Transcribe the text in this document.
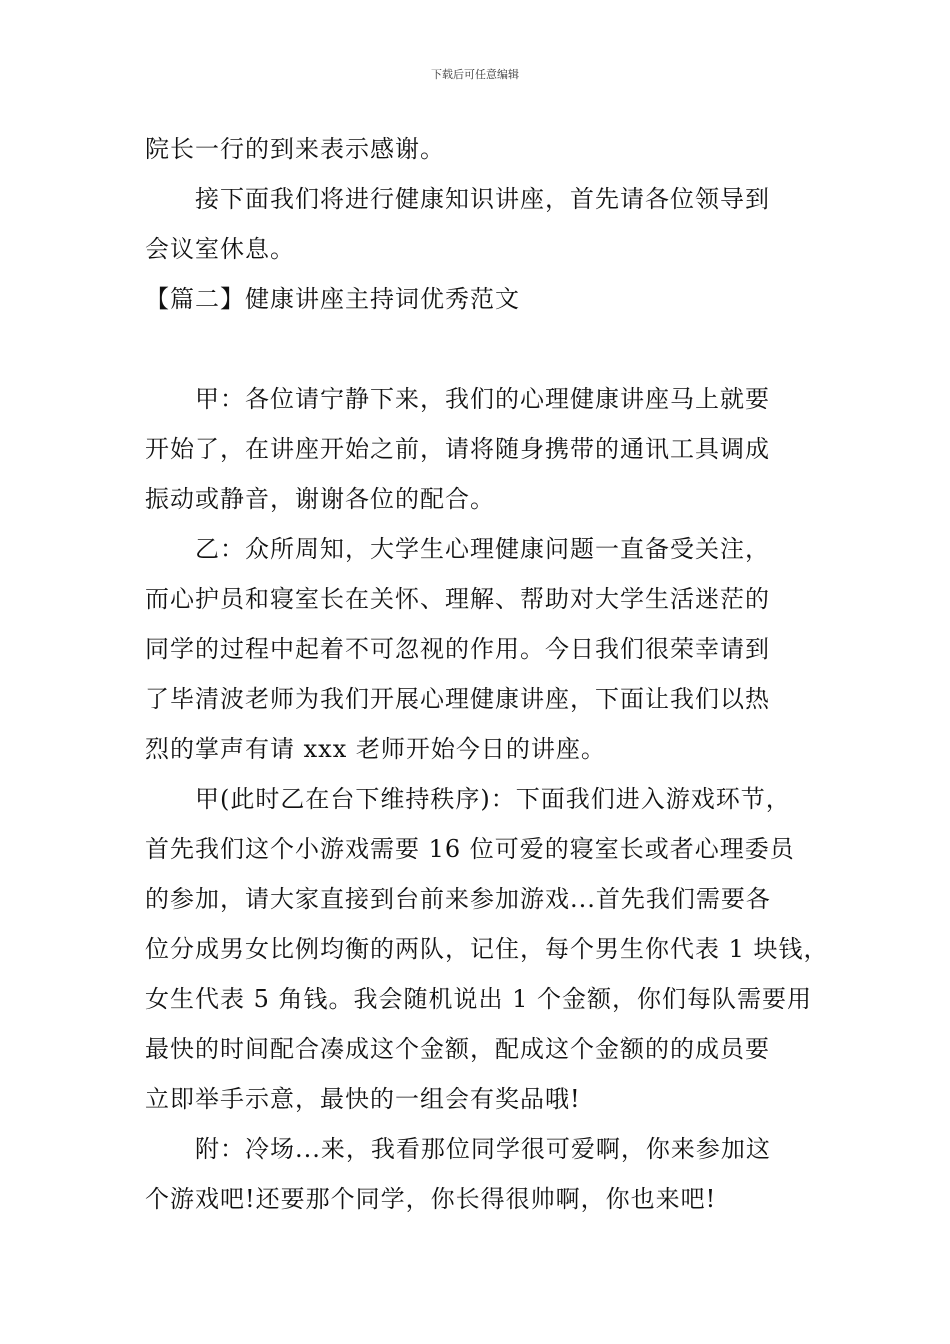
下载后可任意编辑
院长一行的到来表示感谢。
接下面我们将进行健康知识讲座，首先请各位领导到
会议室休息。
【篇二】健康讲座主持词优秀范文
甲：各位请宁静下来，我们的心理健康讲座马上就要
开始了，在讲座开始之前，请将随身携带的通讯工具调成
振动或静音，谢谢各位的配合。
乙：众所周知，大学生心理健康问题一直备受关注，
而心护员和寝室长在关怀、理解、帮助对大学生活迷茫的
同学的过程中起着不可忽视的作用。今日我们很荣幸请到
了毕清波老师为我们开展心理健康讲座，下面让我们以热
烈的掌声有请 xxx 老师开始今日的讲座。
甲(此时乙在台下维持秩序)：下面我们进入游戏环节，
首先我们这个小游戏需要 16 位可爱的寝室长或者心理委员
的参加，请大家直接到台前来参加游戏...首先我们需要各
位分成男女比例均衡的两队，记住，每个男生你代表 1 块钱，
女生代表 5 角钱。我会随机说出 1 个金额，你们每队需要用
最快的时间配合凑成这个金额，配成这个金额的的成员要
立即举手示意，最快的一组会有奖品哦!
附：冷场...来，我看那位同学很可爱啊，你来参加这
个游戏吧!还要那个同学，你长得很帅啊，你也来吧!
